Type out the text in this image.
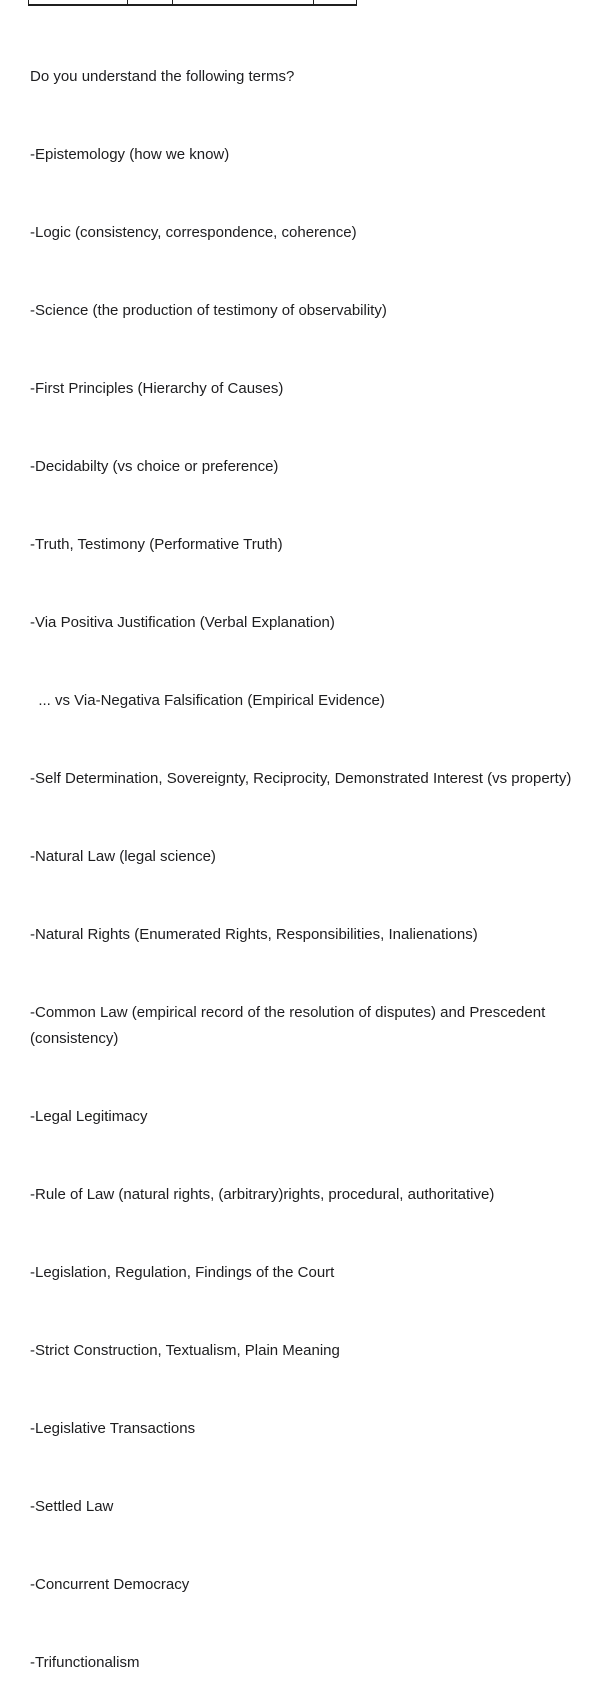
Do you understand the following terms?

-Epistemology (how we know)

-Logic (consistency, correspondence, coherence)

-Science (the production of testimony of observability)

-First Principles (Hierarchy of Causes)

-Decidabilty (vs choice or preference)

-Truth, Testimony (Performative Truth)

-Via Positiva Justification (Verbal Explanation)

... vs Via-Negativa Falsification (Empirical Evidence)

-Self Determination, Sovereignty, Reciprocity, Demonstrated Interest (vs property)

-Natural Law (legal science)

-Natural Rights (Enumerated Rights, Responsibilities, Inalienations)

-Common Law (empirical record of the resolution of disputes) and Prescedent (consistency)

-Legal Legitimacy

-Rule of Law (natural rights, (arbitrary)rights, procedural, authoritative)

-Legislation, Regulation, Findings of the Court

-Strict Construction, Textualism, Plain Meaning

-Legislative Transactions

-Settled Law

-Concurrent Democracy

-Trifunctionalism
